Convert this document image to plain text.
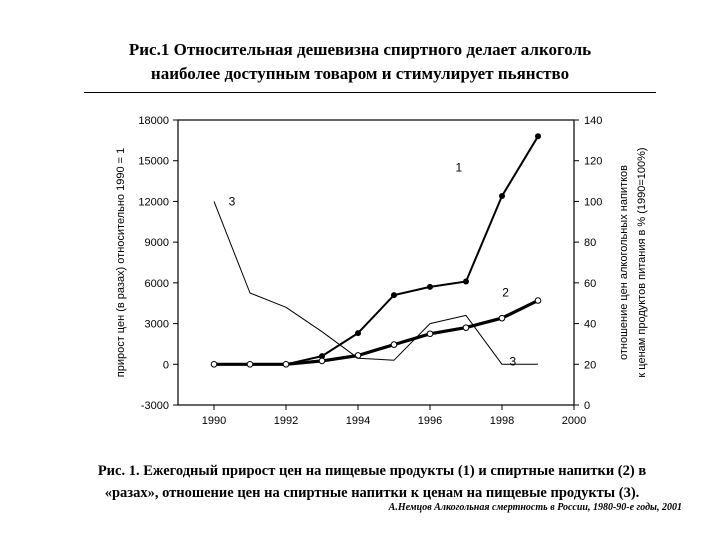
Рис.1 Относительная дешевизна спиртного делает алкоголь
наиболее доступным товаром и стимулирует пьянство
1990	1992	1994	1996	1998	2000
-3000
0
3000
6000
9000
12000
15000
18000
0
20
40
60
80
100
120
140
прирост цен (в разах) относительно 1990 = 1	отношение цен алкогольных напитков к ценам продуктов питания в % (1990=100%)
1
2
3
3
Рис. 1. Ежегодный прирост цен на пищевые продукты (1) и спиртные напитки (2) в
«разах», отношение цен на спиртные напитки к ценам на пищевые продукты (3).
А.Немцов Алкогольная смертность в России, 1980-90-е годы, 2001
